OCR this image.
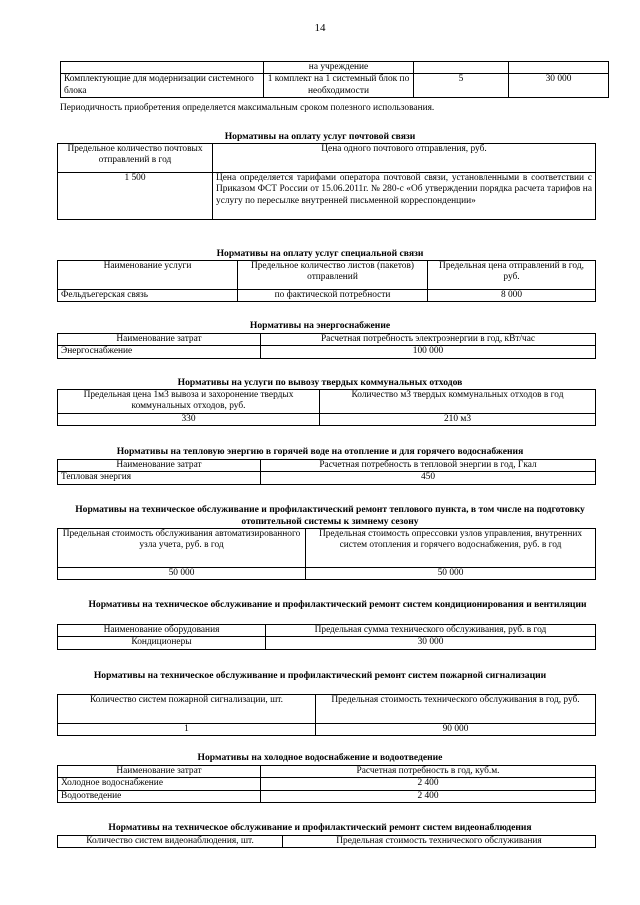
14
	на учреждение		
Комплектующие для модернизации системного блока	1 комплект на 1 системный блок по необходимости	5	30 000
Периодичность приобретения определяется максимальным сроком полезного использования.
Нормативы на оплату услуг почтовой связи
Предельное количество почтовых отправлений в год	Цена одного почтового отправления, руб.
1 500	Цена определяется тарифами оператора почтовой связи, установленными в соответствии с Приказом ФСТ России от 15.06.2011г. № 280-с «Об утверждении порядка расчета тарифов на услугу по пересылке внутренней письменной корреспонденции»
Нормативы на оплату услуг специальной связи
Наименование услуги	Предельное количество листов (пакетов) отправлений	Предельная цена отправлений в год, руб.
Фельдъегерская связь	по фактической потребности	8 000
Нормативы на энергоснабжение
Наименование затрат	Расчетная потребность электроэнергии в год, кВт/час
Энергоснабжение	100 000
Нормативы на услуги по вывозу твердых коммунальных отходов
Предельная цена 1м3 вывоза и захоронение твердых коммунальных отходов, руб.	Количество м3 твердых коммунальных отходов в год
330	210 м3
Нормативы на тепловую энергию в горячей воде на отопление и для горячего водоснабжения
Наименование затрат	Расчетная потребность в тепловой энергии в год, Гкал
Тепловая энергия	450
Нормативы на техническое обслуживание и профилактический ремонт теплового пункта, в том числе на подготовку отопительной системы к зимнему сезону
Предельная стоимость обслуживания автоматизированного узла учета, руб. в год	Предельная стоимость опрессовки узлов управления, внутренних систем отопления и горячего водоснабжения, руб. в год
50 000	50 000
Нормативы на техническое обслуживание и профилактический ремонт систем кондиционирования и вентиляции
Наименование оборудования	Предельная сумма технического обслуживания, руб. в год
Кондиционеры	30 000
Нормативы на техническое обслуживание и профилактический ремонт систем пожарной сигнализации
Количество систем пожарной сигнализации, шт.	Предельная стоимость технического обслуживания в год, руб.
1	90 000
Нормативы на холодное водоснабжение и водоотведение
Наименование затрат	Расчетная потребность в год, куб.м.
Холодное водоснабжение	2 400
Водоотведение	2 400
Нормативы на техническое обслуживание и профилактический ремонт систем видеонаблюдения
Количество систем видеонаблюдения, шт.	Предельная стоимость технического обслуживания
